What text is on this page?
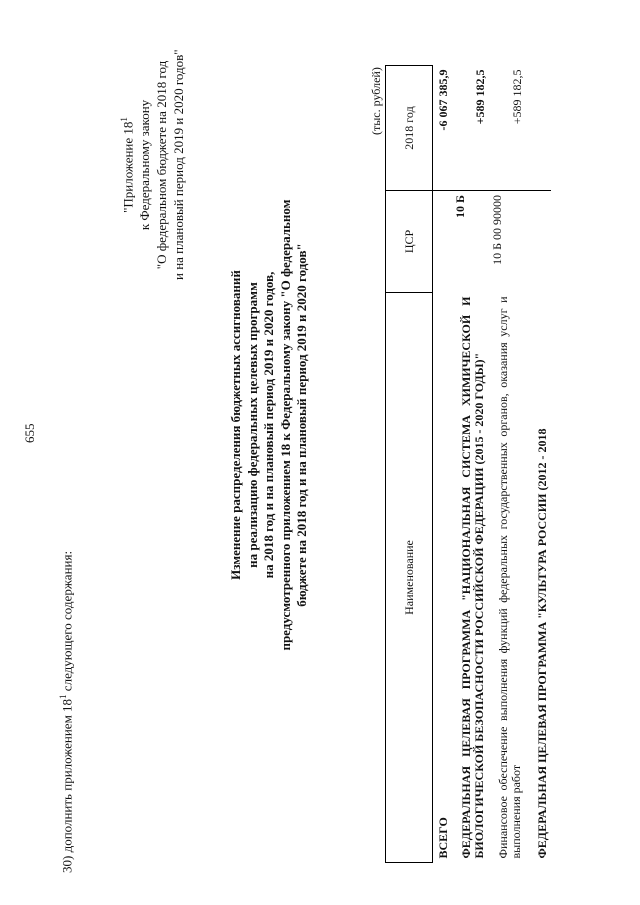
30) дополнить приложением $18^1$ следующего содержания:
655
"Приложение $18^1$ к Федеральному закону "О федеральном бюджете на 2018 год и на плановый период 2019 и 2020 годов"
Изменение распределения бюджетных ассигнований на реализацию федеральных целевых программ на 2018 год и на плановый период 2019 и 2020 годов, предусмотренного приложением 18 к Федеральному закону "О федеральном бюджете на 2018 год и на плановый период 2019 и 2020 годов"
(тыс. рублей)
Наименование	ЦСР	2018 год
ВСЕГО		-6 067 385,9
ФЕДЕРАЛЬНАЯ ЦЕЛЕВАЯ ПРОГРАММА "НАЦИОНАЛЬНАЯ СИСТЕМА ХИМИЧЕСКОЙ И БИОЛОГИЧЕСКОЙ БЕЗОПАСНОСТИ РОССИЙСКОЙ ФЕДЕРАЦИИ (2015 - 2020 ГОДЫ)"	10 Б	+589 182,5
Финансовое обеспечение выполнения функций федеральных государственных органов, оказания услуг и выполнения работ	10 Б 00 90000	+589 182,5
ФЕДЕРАЛЬНАЯ ЦЕЛЕВАЯ ПРОГРАММА "КУЛЬТУРА РОССИИ (2012 - 2018		
